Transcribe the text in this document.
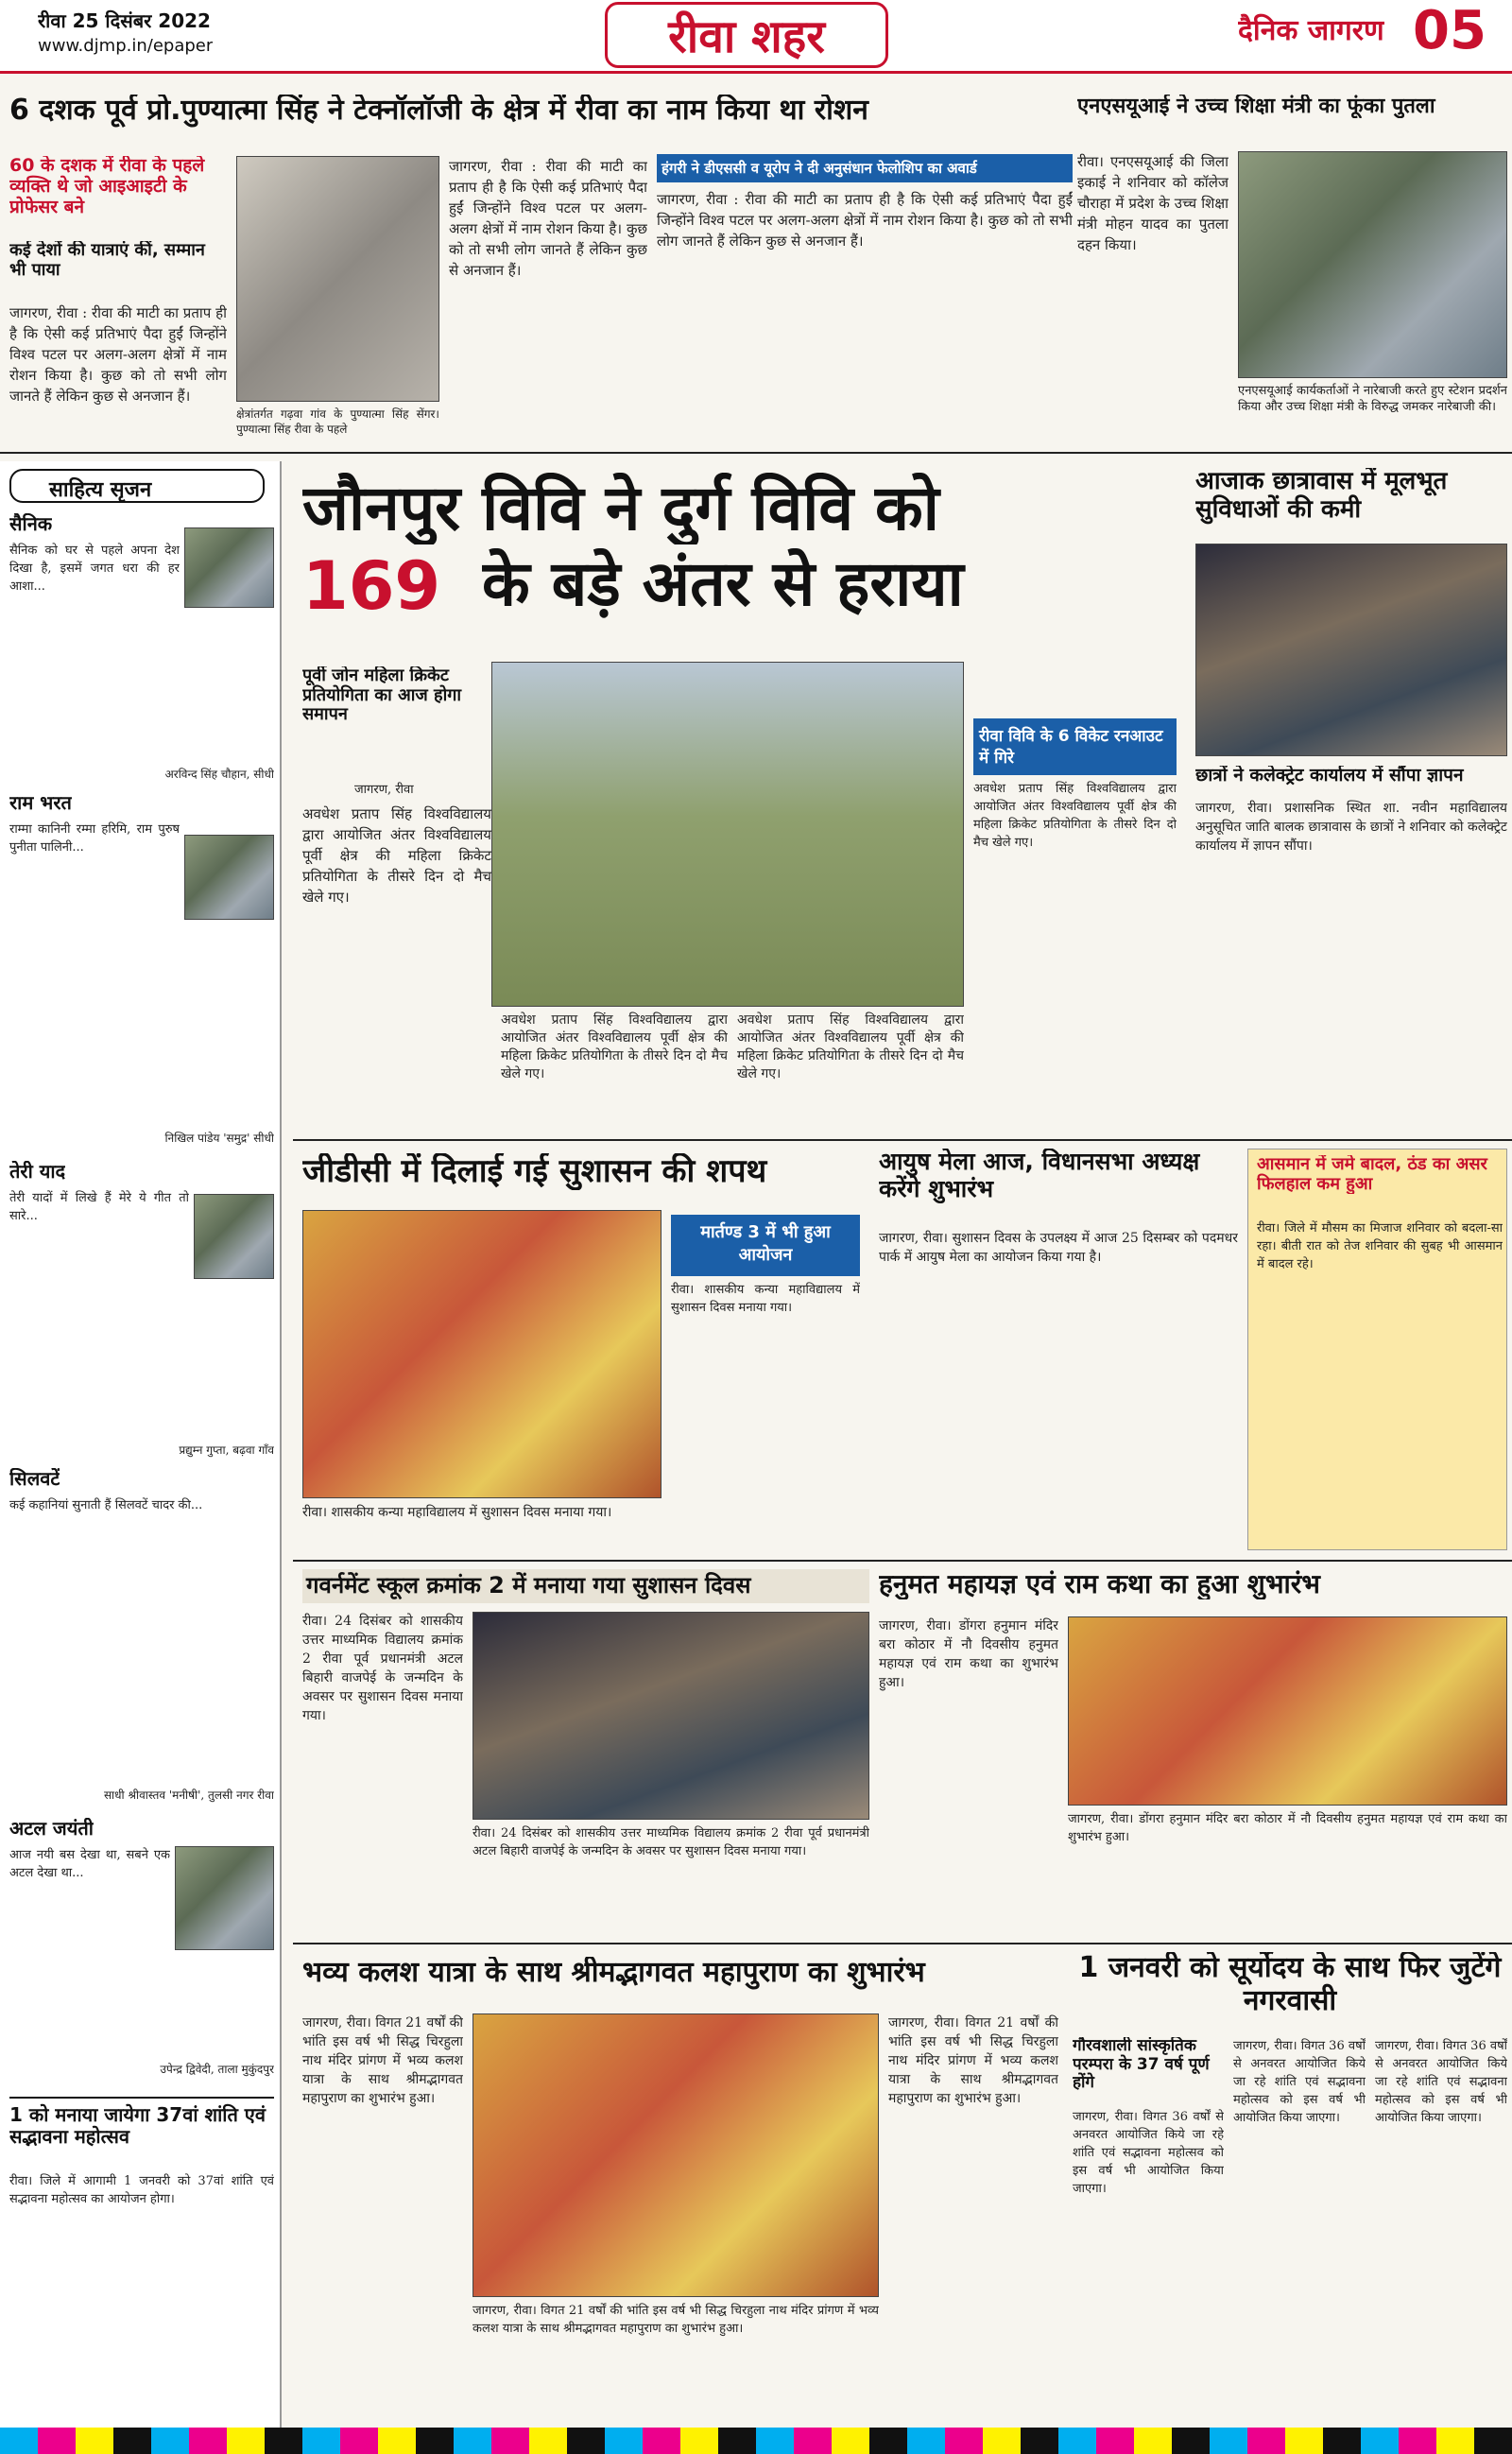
रीवा 25 दिसंबर 2022
www.djmp.in/epaper	रीवा शहर	दैनिक जागरण 05
6 दशक पूर्व प्रो.पुण्यात्मा सिंह ने टेक्नॉलाॅजी के क्षेत्र में रीवा का नाम किया था रोशन
60 के दशक में रीवा के पहले व्यक्ति थे जो आइआइटी के प्रोफेसर बने
कई देशों की यात्राएं कीं, सम्मान भी पाया
जागरण, रीवा : रीवा की माटी का प्रताप ही है कि ऐसी कई प्रतिभाएं पैदा हुईं जिन्होंने विश्व पटल पर अलग-अलग क्षेत्रों में नाम रोशन किया है। कुछ को तो सभी लोग जानते हैं लेकिन कुछ से अनजान हैं।
क्षेत्रांतर्गत गढ़वा गांव के पुण्यात्मा सिंह सेंगर। पुण्यात्मा सिंह रीवा के पहले
जागरण, रीवा : रीवा की माटी का प्रताप ही है कि ऐसी कई प्रतिभाएं पैदा हुईं जिन्होंने विश्व पटल पर अलग-अलग क्षेत्रों में नाम रोशन किया है। कुछ को तो सभी लोग जानते हैं लेकिन कुछ से अनजान हैं।
हंगरी ने डीएससी व यूरोप ने दी अनुसंधान फेलोशिप का अवार्ड
जागरण, रीवा : रीवा की माटी का प्रताप ही है कि ऐसी कई प्रतिभाएं पैदा हुईं जिन्होंने विश्व पटल पर अलग-अलग क्षेत्रों में नाम रोशन किया है। कुछ को तो सभी लोग जानते हैं लेकिन कुछ से अनजान हैं।
एनएसयूआई ने उच्च शिक्षा मंत्री का फूंका पुतला
रीवा। एनएसयूआई की जिला इकाई ने शनिवार को कॉलेज चौराहा में प्रदेश के उच्च शिक्षा मंत्री मोहन यादव का पुतला दहन किया।
एनएसयूआई कार्यकर्ताओं ने नारेबाजी करते हुए स्टेशन प्रदर्शन किया और उच्च शिक्षा मंत्री के विरुद्ध जमकर नारेबाजी की।
साहित्य सृजन
सैनिक
सैनिक को घर से पहले अपना देश दिखा है, इसमें जगत धरा की हर आशा...
अरविन्द सिंह चौहान, सीधी
राम भरत
राम्मा कानिनी रम्मा हरिमि, राम पुरुष पुनीता पालिनी...
निखिल पांडेय 'समुद्र' सीधी
तेरी याद
तेरी यादों में लिखे हैं मेरे ये गीत तो सारे...
प्रद्युम्न गुप्ता, बढ़वा गाँव
सिलवटें
कई कहानियां सुनाती हैं सिलवटें चादर की...
साधी श्रीवास्तव 'मनीषी', तुलसी नगर रीवा
अटल जयंती
आज नयी बस देखा था, सबने एक अटल देखा था...
उपेन्द्र द्विवेदी, ताला मुकुंदपुर
1 को मनाया जायेगा 37वां शांति एवं सद्भावना महोत्सव
रीवा। जिले में आगामी 1 जनवरी को 37वां शांति एवं सद्भावना महोत्सव का आयोजन होगा।
जौनपुर विवि ने दुर्ग विवि को
169 के बड़े अंतर से हराया
पूर्वी जोन महिला क्रिकेट प्रतियोगिता का आज होगा समापन
जागरण, रीवा
अवधेश प्रताप सिंह विश्वविद्यालय द्वारा आयोजित अंतर विश्वविद्यालय पूर्वी क्षेत्र की महिला क्रिकेट प्रतियोगिता के तीसरे दिन दो मैच खेले गए।
अवधेश प्रताप सिंह विश्वविद्यालय द्वारा आयोजित अंतर विश्वविद्यालय पूर्वी क्षेत्र की महिला क्रिकेट प्रतियोगिता के तीसरे दिन दो मैच खेले गए।
अवधेश प्रताप सिंह विश्वविद्यालय द्वारा आयोजित अंतर विश्वविद्यालय पूर्वी क्षेत्र की महिला क्रिकेट प्रतियोगिता के तीसरे दिन दो मैच खेले गए।
रीवा विवि के 6 विकेट रनआउट में गिरे
अवधेश प्रताप सिंह विश्वविद्यालय द्वारा आयोजित अंतर विश्वविद्यालय पूर्वी क्षेत्र की महिला क्रिकेट प्रतियोगिता के तीसरे दिन दो मैच खेले गए।
आजाक छात्रावास में मूलभूत सुविधाओं की कमी
छात्रों ने कलेक्ट्रेट कार्यालय में सौंपा ज्ञापन
जागरण, रीवा। प्रशासनिक स्थित शा. नवीन महाविद्यालय अनुसूचित जाति बालक छात्रावास के छात्रों ने शनिवार को कलेक्ट्रेट कार्यालय में ज्ञापन सौंपा।
जीडीसी में दिलाई गई सुशासन की शपथ
मार्तण्ड 3 में भी हुआ आयोजन
रीवा। शासकीय कन्या महाविद्यालय में सुशासन दिवस मनाया गया।
रीवा। शासकीय कन्या महाविद्यालय में सुशासन दिवस मनाया गया।
आयुष मेला आज, विधानसभा अध्यक्ष करेंगे शुभारंभ
जागरण, रीवा। सुशासन दिवस के उपलक्ष्य में आज 25 दिसम्बर को पदमधर पार्क में आयुष मेला का आयोजन किया गया है।
आसमान में जमे बादल, ठंड का असर फिलहाल कम हुआ
रीवा। जिले में मौसम का मिजाज शनिवार को बदला-सा रहा। बीती रात को तेज शनिवार की सुबह भी आसमान में बादल रहे।
गवर्नमेंट स्कूल क्रमांक 2 में मनाया गया सुशासन दिवस
रीवा। 24 दिसंबर को शासकीय उत्तर माध्यमिक विद्यालय क्रमांक 2 रीवा पूर्व प्रधानमंत्री अटल बिहारी वाजपेई के जन्मदिन के अवसर पर सुशासन दिवस मनाया गया।
रीवा। 24 दिसंबर को शासकीय उत्तर माध्यमिक विद्यालय क्रमांक 2 रीवा पूर्व प्रधानमंत्री अटल बिहारी वाजपेई के जन्मदिन के अवसर पर सुशासन दिवस मनाया गया।
हनुमत महायज्ञ एवं राम कथा का हुआ शुभारंभ
जागरण, रीवा। डोंगरा हनुमान मंदिर बरा कोठार में नौ दिवसीय हनुमत महायज्ञ एवं राम कथा का शुभारंभ हुआ।
जागरण, रीवा। डोंगरा हनुमान मंदिर बरा कोठार में नौ दिवसीय हनुमत महायज्ञ एवं राम कथा का शुभारंभ हुआ।
भव्य कलश यात्रा के साथ श्रीमद्भागवत महापुराण का शुभारंभ
जागरण, रीवा। विगत 21 वर्षों की भांति इस वर्ष भी सिद्ध चिरहुला नाथ मंदिर प्रांगण में भव्य कलश यात्रा के साथ श्रीमद्भागवत महापुराण का शुभारंभ हुआ।
जागरण, रीवा। विगत 21 वर्षों की भांति इस वर्ष भी सिद्ध चिरहुला नाथ मंदिर प्रांगण में भव्य कलश यात्रा के साथ श्रीमद्भागवत महापुराण का शुभारंभ हुआ।
जागरण, रीवा। विगत 21 वर्षों की भांति इस वर्ष भी सिद्ध चिरहुला नाथ मंदिर प्रांगण में भव्य कलश यात्रा के साथ श्रीमद्भागवत महापुराण का शुभारंभ हुआ।
1 जनवरी को सूर्योदय के साथ फिर जुटेंगे नगरवासी
गौरवशाली सांस्कृतिक परम्परा के 37 वर्ष पूर्ण होंगे
जागरण, रीवा। विगत 36 वर्षों से अनवरत आयोजित किये जा रहे शांति एवं सद्भावना महोत्सव को इस वर्ष भी आयोजित किया जाएगा।
जागरण, रीवा। विगत 36 वर्षों से अनवरत आयोजित किये जा रहे शांति एवं सद्भावना महोत्सव को इस वर्ष भी आयोजित किया जाएगा।
जागरण, रीवा। विगत 36 वर्षों से अनवरत आयोजित किये जा रहे शांति एवं सद्भावना महोत्सव को इस वर्ष भी आयोजित किया जाएगा।
